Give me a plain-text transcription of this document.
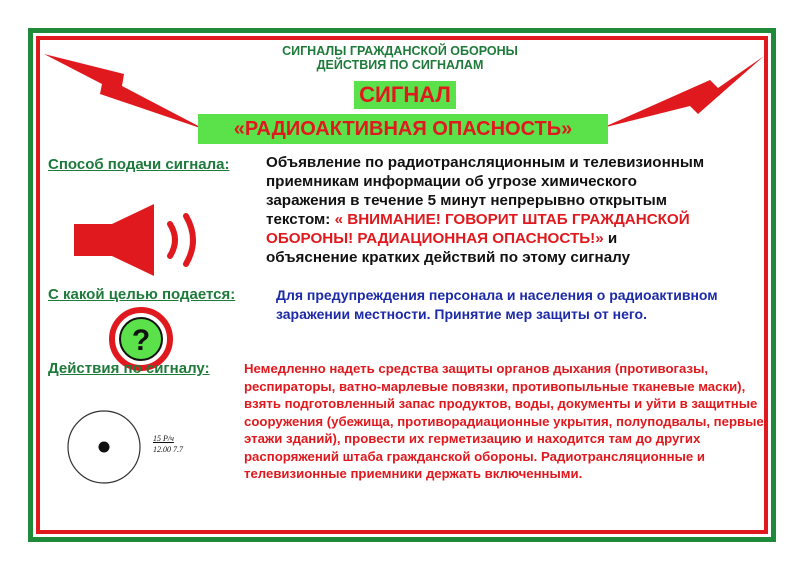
СИГНАЛЫ ГРАЖДАНСКОЙ ОБОРОНЫ
ДЕЙСТВИЯ ПО СИГНАЛАМ
СИГНАЛ
«РАДИОАКТИВНАЯ ОПАСНОСТЬ»
Способ подачи сигнала: Объявление по радиотрансляционным и телевизионным
приемникам информации об угрозе химического
заражения в течение 5 минут непрерывно открытым
текстом: « ВНИМАНИЕ! ГОВОРИТ ШТАБ ГРАЖДАНСКОЙ
ОБОРОНЫ! РАДИАЦИОННАЯ ОПАСНОСТЬ!» и
объяснение кратких действий по этому сигналу
С какой целью подается:	Для предупреждения персонала и населения о радиоактивном заражении местности. Принятие мер защиты от него.
?
Действия по сигналу:	Немедленно надеть средства защиты органов дыхания (противогазы, респираторы, ватно-марлевые повязки, противопыльные тканевые маски), взять подготовленный запас продуктов, воды, документы и уйти в защитные сооружения (убежища, противорадиационные укрытия, полуподвалы, первые этажи зданий), провести их герметизацию и находится там до других распоряжений штаба гражданской обороны. Радиотрансляционные и телевизионные приемники держать включенными.
15 Р/ч
12.00 7.7
